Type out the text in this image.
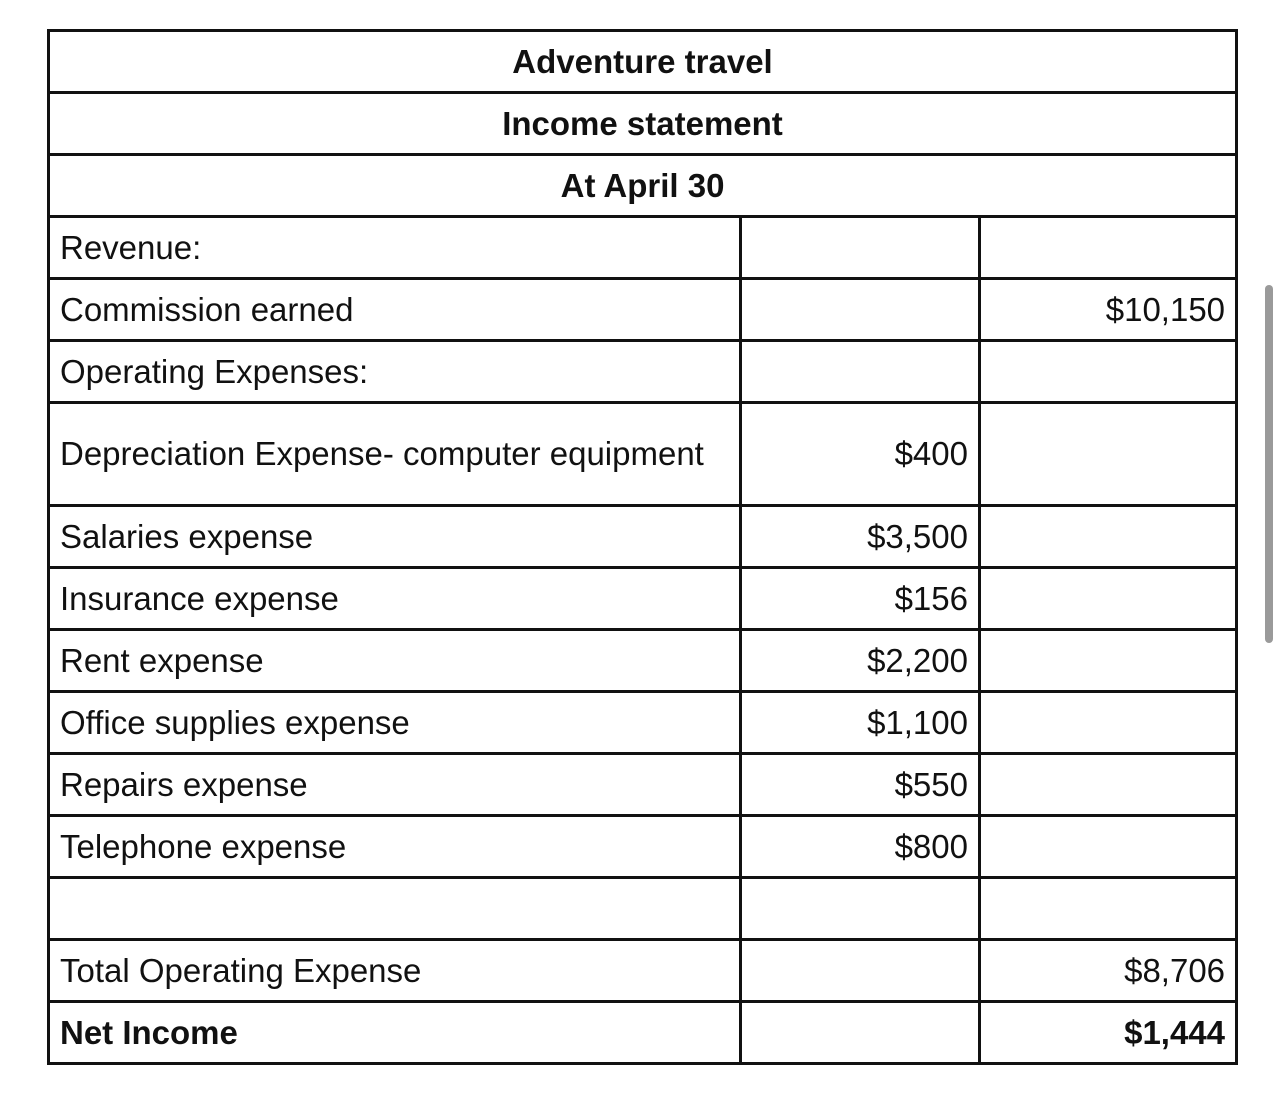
Adventure travel		
Income statement		
At April 30		
Revenue:		
Commission earned		$10,150
Operating Expenses:		
Depreciation Expense- computer equipment	$400	
Salaries expense	$3,500	
Insurance expense	$156	
Rent expense	$2,200	
Office supplies expense	$1,100	
Repairs expense	$550	
Telephone expense	$800	

Total Operating Expense		$8,706
Net Income		$1,444
